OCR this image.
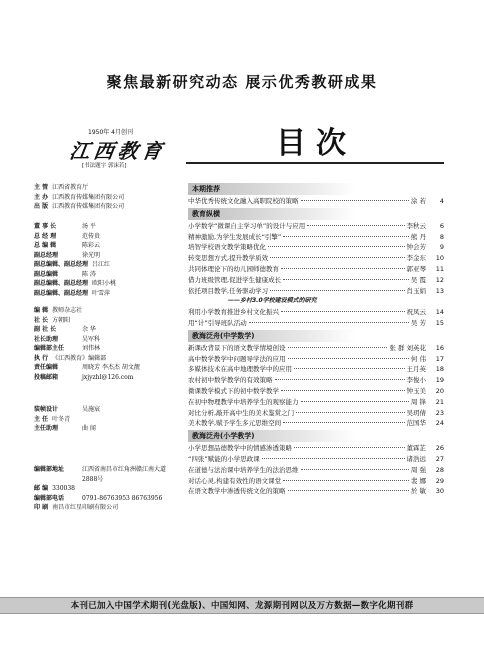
聚焦最新研究动态 展示优秀教研成果
1950年 4月创刊
江西教育
[书法题字 郭沫若]
主 管 江西省教育厅
主 办 江西教育传媒集团有限公司
出 版 江西教育传媒集团有限公司
董 事 长	汤 平
总 经 理	范传贵
总 编 辑	陈彩云
副总经理	徐光明
副总编辑、副总经理 吕江红
副总编辑	陈 涛
副总编辑、副总经理 欧阳小桃
副总编辑、副总经理 叶雪萍
编 辑 教师杂志社
社 长 方朝阳
副 社 长	余 华
社长助理	吴军科
编辑部主任	刘伟林
执 行 《江西教育》编辑部
责任编辑	周晓芳 李杰杰 胡文靓
投稿邮箱	jxjyzhl@126.com
装帧设计	吴施宸
主 任 叶冬青
主任助理	曲 闻
编辑部地址	江西省南昌市红角洲赣江南大道
2888号
邮 编 330038
编辑部电话	0791-86763953 86763956
印 刷 南昌市红星印刷有限公司
目次
本期推荐
中华优秀传统文化融入高职院校的策略	涂 若	4
教育纵横
小学数学“微课自主学习单”的设计与应用	李秋云	6
精神激励,为学生发展成长“引擎”	熊 丹	8
培智学校语文教学策略优化	钟会芳	9
转变思想方式,提升教学质效	李金东	10
共同体理论下的幼儿园师德教育	郭亚琴	11
借力班级管理,促进学生健康成长	吴 霞	12
依托项目教学,任务驱动学习	肖玉娟	13
——乡村3.0学校建设模式的研究
利用小学教育推进乡村文化振兴	祝凤云	14
用“计”引导班队活动	吴 芳	15
教海泛舟(中学数学)
新课改背景下的语文教学情境创设	张 群 刘英花	16
高中数学教学中问题导学法的应用	何 伟	17
多媒体技术在高中地理教学中的应用	王月英	18
农村初中数学教学的有效策略	李俊小	19
微课教学模式下的初中数学教学	钟玉美	20
在初中物理教学中培养学生的观察能力	周 锋	21
对比分析,敲开高中生的美术鉴赏之门	吴玥倩	23
美术教学,赋予学生多元思维空间	范国华	24
教海泛舟(小学教学)
小学思想品德教学中的情感渗透策略	董霖芷	26
“四张”赋能的小学思政课	诸浩远	27
在道德与法治课中培养学生的法治思维	周 强	28
对话心灵,构建有效性的语文课堂	裴 娜	29
在语文教学中渗透传统文化的策略	於 敏	30
本刊已加入中国学术期刊(光盘版)、中国知网、龙源期刊网以及万方数据—数字化期刊群
